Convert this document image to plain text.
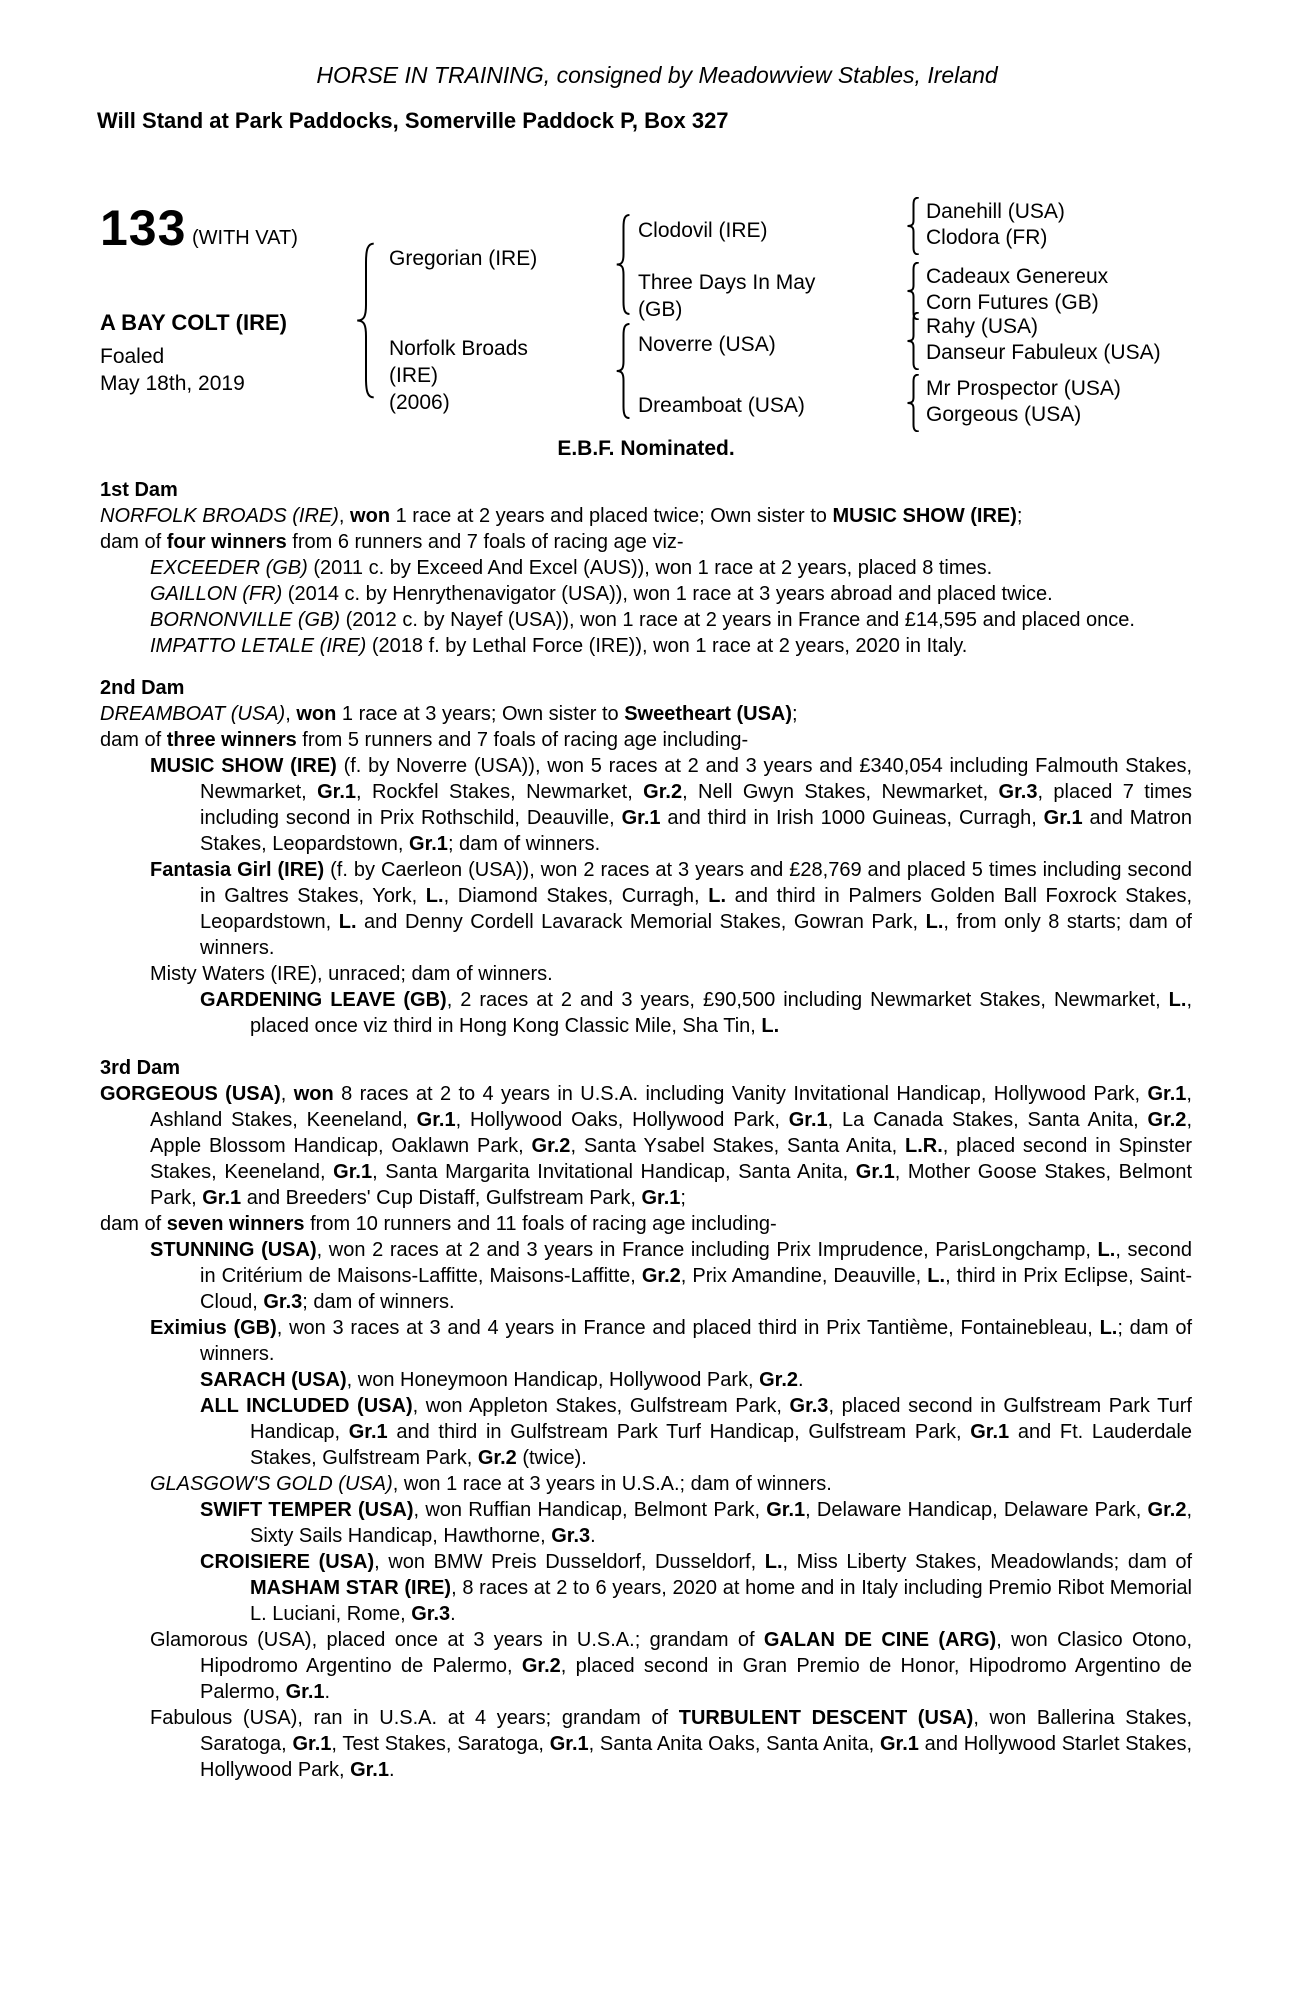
HORSE IN TRAINING, consigned by Meadowview Stables, Ireland
Will Stand at Park Paddocks, Somerville Paddock P, Box 327
133 (WITH VAT)
A BAY COLT (IRE)
Foaled
May 18th, 2019
Gregorian (IRE)
Norfolk Broads
(IRE)
(2006)
Clodovil (IRE)
Three Days In May
(GB)
Noverre (USA)
Dreamboat (USA)
Danehill (USA)
Clodora (FR)
Cadeaux Genereux
Corn Futures (GB)
Rahy (USA)
Danseur Fabuleux (USA)
Mr Prospector (USA)
Gorgeous (USA)
E.B.F. Nominated.
1st Dam

NORFOLK BROADS (IRE), won 1 race at 2 years and placed twice; Own sister to MUSIC SHOW (IRE);

dam of four winners from 6 runners and 7 foals of racing age viz-

EXCEEDER (GB) (2011 c. by Exceed And Excel (AUS)), won 1 race at 2 years, placed 8 times.

GAILLON (FR) (2014 c. by Henrythenavigator (USA)), won 1 race at 3 years abroad and placed twice.

BORNONVILLE (GB) (2012 c. by Nayef (USA)), won 1 race at 2 years in France and £14,595 and placed once.

IMPATTO LETALE (IRE) (2018 f. by Lethal Force (IRE)), won 1 race at 2 years, 2020 in Italy.

2nd Dam

DREAMBOAT (USA), won 1 race at 3 years; Own sister to Sweetheart (USA);

dam of three winners from 5 runners and 7 foals of racing age including-

MUSIC SHOW (IRE) (f. by Noverre (USA)), won 5 races at 2 and 3 years and £340,054 including Falmouth Stakes, Newmarket, Gr.1, Rockfel Stakes, Newmarket, Gr.2, Nell Gwyn Stakes, Newmarket, Gr.3, placed 7 times including second in Prix Rothschild, Deauville, Gr.1 and third in Irish 1000 Guineas, Curragh, Gr.1 and Matron Stakes, Leopardstown, Gr.1; dam of winners.

Fantasia Girl (IRE) (f. by Caerleon (USA)), won 2 races at 3 years and £28,769 and placed 5 times including second in Galtres Stakes, York, L., Diamond Stakes, Curragh, L. and third in Palmers Golden Ball Foxrock Stakes, Leopardstown, L. and Denny Cordell Lavarack Memorial Stakes, Gowran Park, L., from only 8 starts; dam of winners.

Misty Waters (IRE), unraced; dam of winners.

GARDENING LEAVE (GB), 2 races at 2 and 3 years, £90,500 including Newmarket Stakes, Newmarket, L., placed once viz third in Hong Kong Classic Mile, Sha Tin, L.

3rd Dam

GORGEOUS (USA), won 8 races at 2 to 4 years in U.S.A. including Vanity Invitational Handicap, Hollywood Park, Gr.1, Ashland Stakes, Keeneland, Gr.1, Hollywood Oaks, Hollywood Park, Gr.1, La Canada Stakes, Santa Anita, Gr.2, Apple Blossom Handicap, Oaklawn Park, Gr.2, Santa Ysabel Stakes, Santa Anita, L.R., placed second in Spinster Stakes, Keeneland, Gr.1, Santa Margarita Invitational Handicap, Santa Anita, Gr.1, Mother Goose Stakes, Belmont Park, Gr.1 and Breeders' Cup Distaff, Gulfstream Park, Gr.1;

dam of seven winners from 10 runners and 11 foals of racing age including-

STUNNING (USA), won 2 races at 2 and 3 years in France including Prix Imprudence, ParisLongchamp, L., second in Critérium de Maisons-Laffitte, Maisons-Laffitte, Gr.2, Prix Amandine, Deauville, L., third in Prix Eclipse, Saint-Cloud, Gr.3; dam of winners.

Eximius (GB), won 3 races at 3 and 4 years in France and placed third in Prix Tantième, Fontainebleau, L.; dam of winners.

SARACH (USA), won Honeymoon Handicap, Hollywood Park, Gr.2.

ALL INCLUDED (USA), won Appleton Stakes, Gulfstream Park, Gr.3, placed second in Gulfstream Park Turf Handicap, Gr.1 and third in Gulfstream Park Turf Handicap, Gulfstream Park, Gr.1 and Ft. Lauderdale Stakes, Gulfstream Park, Gr.2 (twice).

GLASGOW'S GOLD (USA), won 1 race at 3 years in U.S.A.; dam of winners.

SWIFT TEMPER (USA), won Ruffian Handicap, Belmont Park, Gr.1, Delaware Handicap, Delaware Park, Gr.2, Sixty Sails Handicap, Hawthorne, Gr.3.

CROISIERE (USA), won BMW Preis Dusseldorf, Dusseldorf, L., Miss Liberty Stakes, Meadowlands; dam of MASHAM STAR (IRE), 8 races at 2 to 6 years, 2020 at home and in Italy including Premio Ribot Memorial L. Luciani, Rome, Gr.3.

Glamorous (USA), placed once at 3 years in U.S.A.; grandam of GALAN DE CINE (ARG), won Clasico Otono, Hipodromo Argentino de Palermo, Gr.2, placed second in Gran Premio de Honor, Hipodromo Argentino de Palermo, Gr.1.

Fabulous (USA), ran in U.S.A. at 4 years; grandam of TURBULENT DESCENT (USA), won Ballerina Stakes, Saratoga, Gr.1, Test Stakes, Saratoga, Gr.1, Santa Anita Oaks, Santa Anita, Gr.1 and Hollywood Starlet Stakes, Hollywood Park, Gr.1.
